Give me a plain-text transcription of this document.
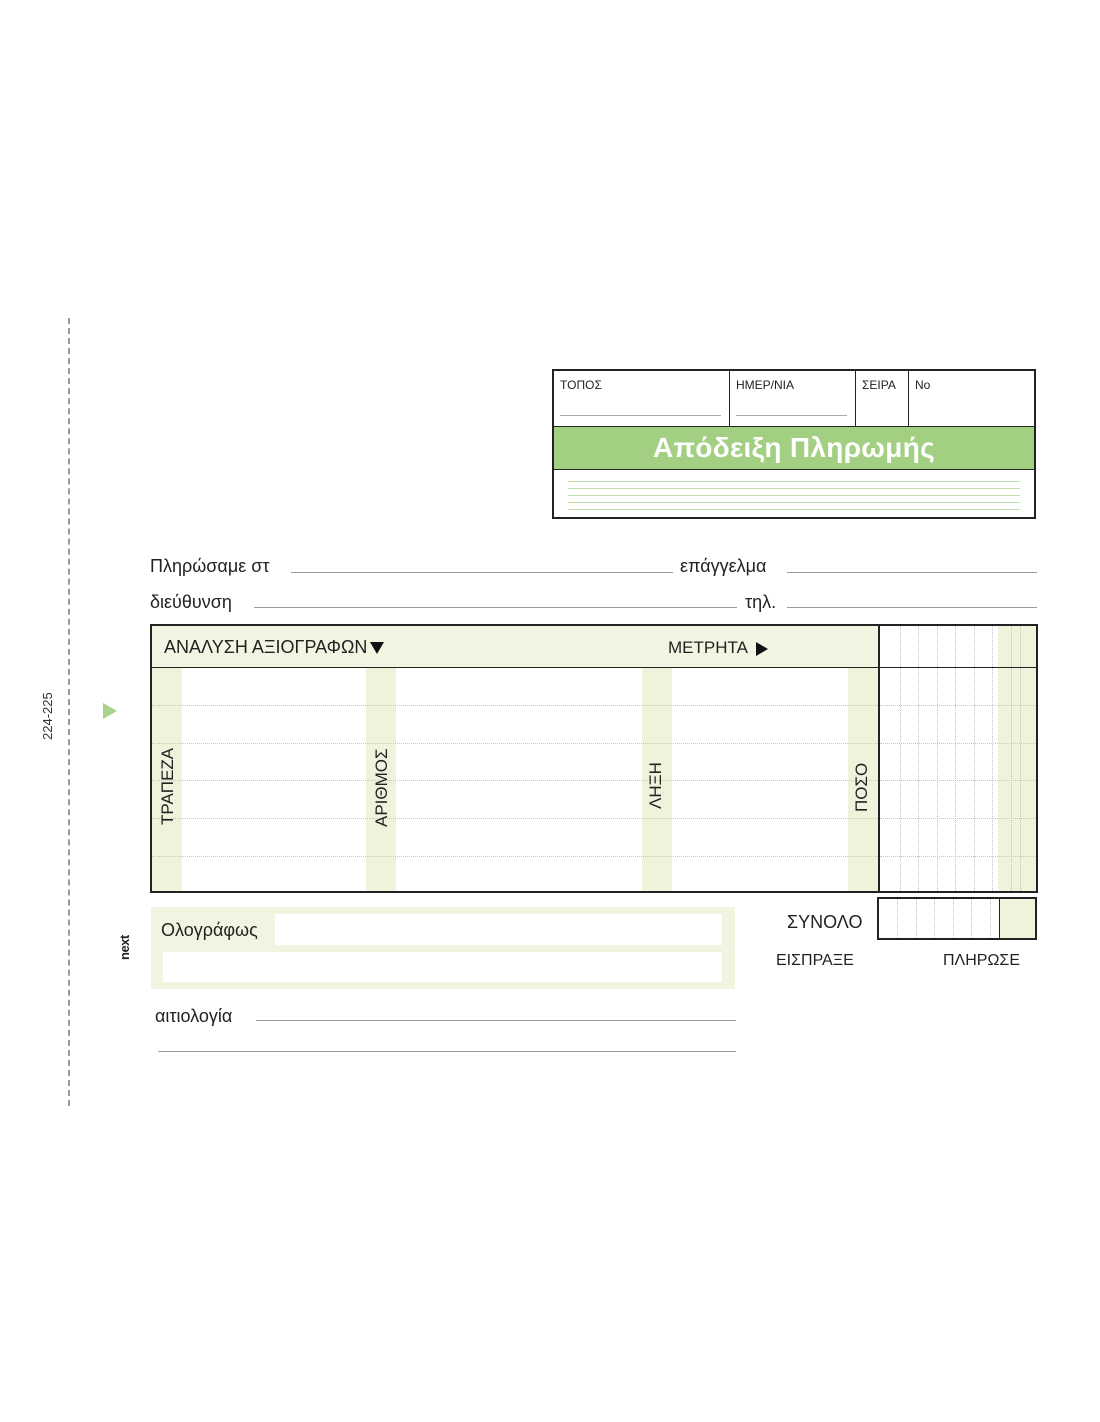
224-225
next
ΤΟΠΟΣ	ΗΜΕΡ/ΝΙΑ	ΣΕΙΡΑ No
Απόδειξη Πληρωμής
Πληρώσαμε στ	επάγγελμα
διεύθυνση	τηλ.
ΑΝΑΛΥΣΗ ΑΞΙΟΓΡΑΦΩΝ	ΜΕΤΡΗΤΑ
ΤΡΑΠΕΖΑ	ΑΡΙΘΜΟΣ	ΛΗΞΗ	ΠΟΣΟ
Ολογράφως	ΣΥΝΟΛΟ
ΕΙΣΠΡΑΞΕ	ΠΛΗΡΩΣΕ
αιτιολογία
